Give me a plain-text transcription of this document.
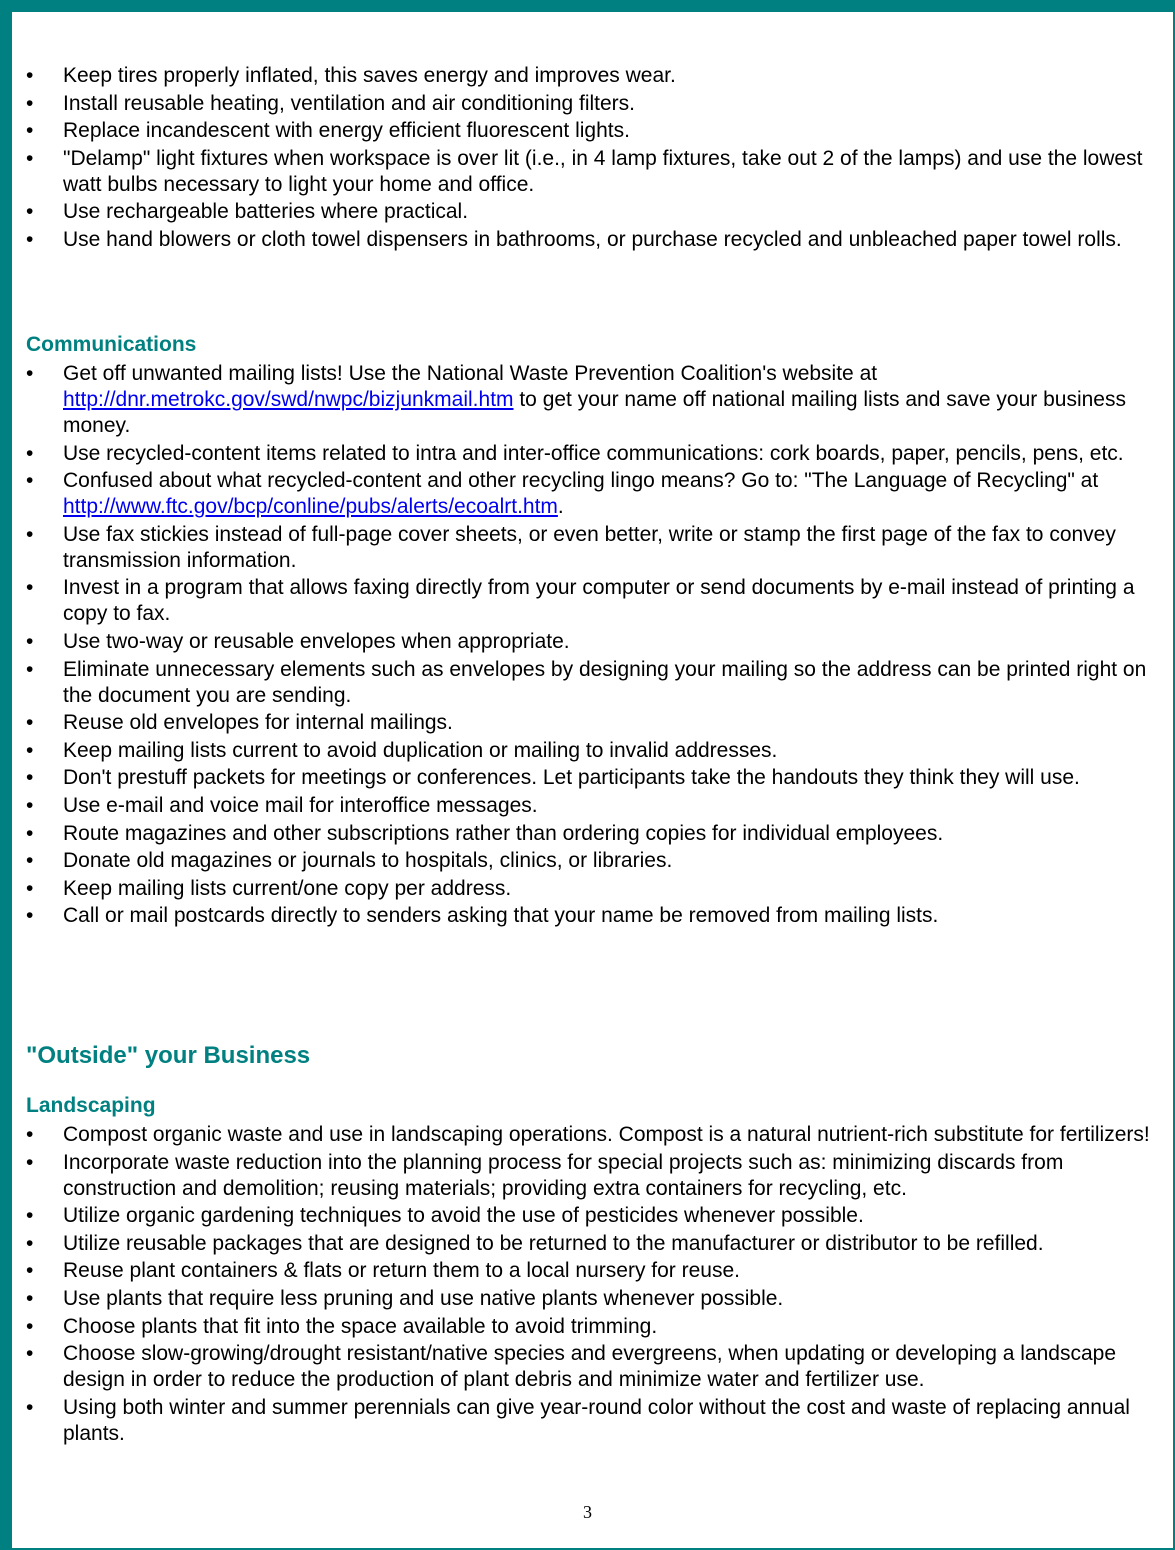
• Keep tires properly inflated, this saves energy and improves wear.
• Install reusable heating, ventilation and air conditioning filters.
• Replace incandescent with energy efficient fluorescent lights.
• "Delamp" light fixtures when workspace is over lit (i.e., in 4 lamp fixtures, take out 2 of the lamps) and use the lowest watt bulbs necessary to light your home and office.
• Use rechargeable batteries where practical.
• Use hand blowers or cloth towel dispensers in bathrooms, or purchase recycled and unbleached paper towel rolls.
Communications
• Get off unwanted mailing lists! Use the National Waste Prevention Coalition's website at http://dnr.metrokc.gov/swd/nwpc/bizjunkmail.htm to get your name off national mailing lists and save your business money.
• Use recycled-content items related to intra and inter-office communications: cork boards, paper, pencils, pens, etc.
• Confused about what recycled-content and other recycling lingo means? Go to: "The Language of Recycling" at http://www.ftc.gov/bcp/conline/pubs/alerts/ecoalrt.htm.
• Use fax stickies instead of full-page cover sheets, or even better, write or stamp the first page of the fax to convey transmission information.
• Invest in a program that allows faxing directly from your computer or send documents by e-mail instead of printing a copy to fax.
• Use two-way or reusable envelopes when appropriate.
• Eliminate unnecessary elements such as envelopes by designing your mailing so the address can be printed right on the document you are sending.
• Reuse old envelopes for internal mailings.
• Keep mailing lists current to avoid duplication or mailing to invalid addresses.
• Don't prestuff packets for meetings or conferences. Let participants take the handouts they think they will use.
• Use e-mail and voice mail for interoffice messages.
• Route magazines and other subscriptions rather than ordering copies for individual employees.
• Donate old magazines or journals to hospitals, clinics, or libraries.
• Keep mailing lists current/one copy per address.
• Call or mail postcards directly to senders asking that your name be removed from mailing lists.
"Outside" your Business
Landscaping
• Compost organic waste and use in landscaping operations. Compost is a natural nutrient-rich substitute for fertilizers!
• Incorporate waste reduction into the planning process for special projects such as: minimizing discards from construction and demolition; reusing materials; providing extra containers for recycling, etc.
• Utilize organic gardening techniques to avoid the use of pesticides whenever possible.
• Utilize reusable packages that are designed to be returned to the manufacturer or distributor to be refilled.
• Reuse plant containers & flats or return them to a local nursery for reuse.
• Use plants that require less pruning and use native plants whenever possible.
• Choose plants that fit into the space available to avoid trimming.
• Choose slow-growing/drought resistant/native species and evergreens, when updating or developing a landscape design in order to reduce the production of plant debris and minimize water and fertilizer use.
• Using both winter and summer perennials can give year-round color without the cost and waste of replacing annual plants.
3
